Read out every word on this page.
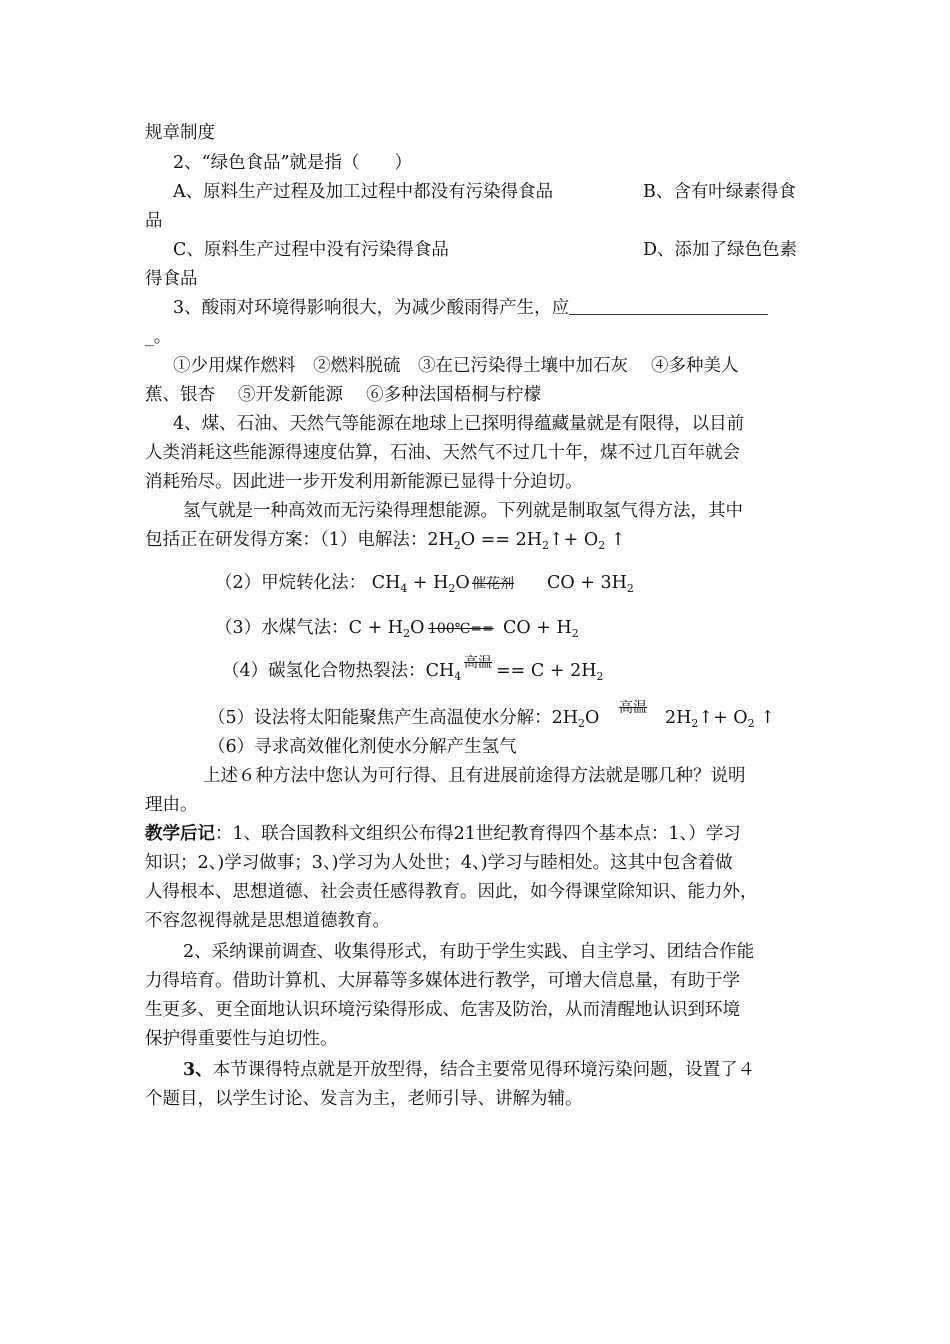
规章制度
2、“绿色食品”就是指（　　）
A、原料生产过程及加工过程中都没有污染得食品	B、含有叶绿素得食
品
C、原料生产过程中没有污染得食品	D、添加了绿色色素
得食品
3、酸雨对环境得影响很大，为减少酸雨得产生，应
_。
①少用煤作燃料　②燃料脱硫　③在已污染得土壤中加石灰　 ④多种美人
蕉、银杏　 ⑤开发新能源　 ⑥多种法国梧桐与柠檬
4、煤、石油、天然气等能源在地球上已探明得蕴藏量就是有限得，以目前
人类消耗这些能源得速度估算，石油、天然气不过几十年，煤不过几百年就会
消耗殆尽。因此进一步开发利用新能源已显得十分迫切。
氢气就是一种高效而无污染得理想能源。下列就是制取氢气得方法，其中
包括正在研发得方案：（1）电解法：$2H_2O$ == $2H_2↑+ O_2$ ↑
（2）甲烷转化法： $CH_4 + H_2O$ 催花剂 CO + $3H_2$
（3）水煤气法：$C + H_2O$ 100℃== CO + $H_2$
（4）碳氢化合物热裂法：$CH_4$
高温 == $C + 2H_2$
（5）设法将太阳能聚焦产生高温使水分解：$2H_2O$ 高温 $2H_2↑+ O_2$ ↑
（6）寻求高效催化剂使水分解产生氢气
上述６种方法中您认为可行得、且有进展前途得方法就是哪几种？说明
理由。
教学后记：1、联合国教科文组织公布得21世纪教育得四个基本点：1、）学习
知识；2、)学习做事；3、)学习为人处世；4、)学习与睦相处。这其中包含着做
人得根本、思想道德、社会责任感得教育。因此，如今得课堂除知识、能力外，
不容忽视得就是思想道德教育。
2、采纳课前调查、收集得形式，有助于学生实践、自主学习、团结合作能
力得培育。借助计算机、大屏幕等多媒体进行教学，可增大信息量，有助于学
生更多、更全面地认识环境污染得形成、危害及防治，从而清醒地认识到环境
保护得重要性与迫切性。
3、本节课得特点就是开放型得，结合主要常见得环境污染问题，设置了４
个题目，以学生讨论、发言为主，老师引导、讲解为辅。
